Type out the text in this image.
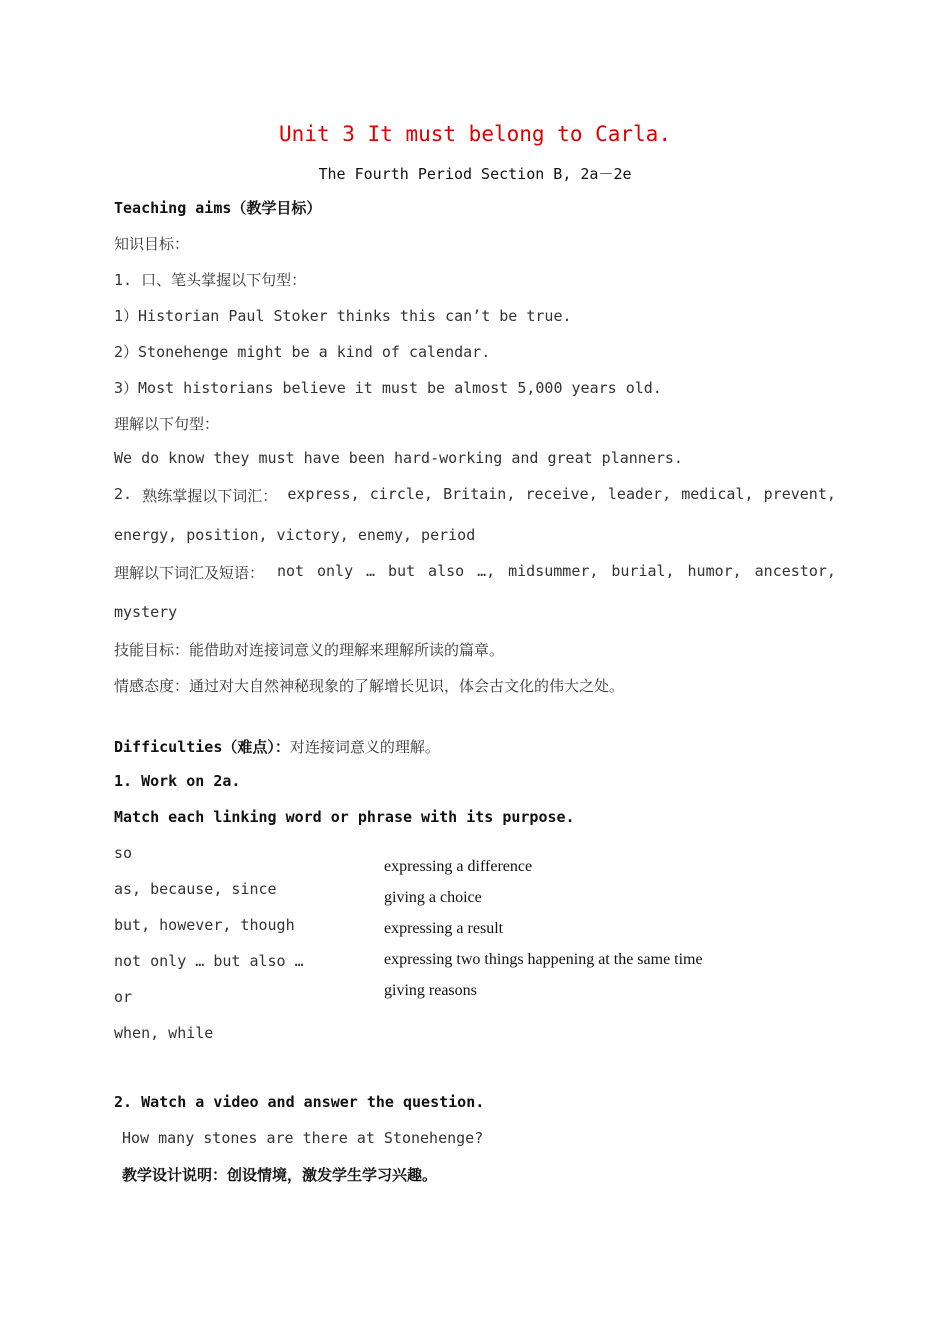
Unit 3 It must belong to Carla.
The Fourth Period Section B, 2a－2e
Teaching aims（教学目标）
知识目标：
1. 口、笔头掌握以下句型：
1）Historian Paul Stoker thinks this can’t be true.
2）Stonehenge might be a kind of calendar.
3）Most historians believe it must be almost 5,000 years old.
理解以下句型：
We do know they must have been hard-working and great planners.
2. 熟练掌握以下词汇： express, circle, Britain, receive, leader, medical, prevent,
energy, position, victory, enemy, period
理解以下词汇及短语： not only … but also …, midsummer, burial, humor, ancestor,
mystery
技能目标：能借助对连接词意义的理解来理解所读的篇章。
情感态度：通过对大自然神秘现象的了解增长见识，体会古文化的伟大之处。
Difficulties（难点）：对连接词意义的理解。
1. Work on 2a.
Match each linking word or phrase with its purpose.
so
as, because, since
but, however, though
not only … but also …
or
when, while
expressing a difference
giving a choice
expressing a result
expressing two things happening at the same time
giving reasons
2. Watch a video and answer the question.
How many stones are there at Stonehenge?
教学设计说明：创设情境，激发学生学习兴趣。
